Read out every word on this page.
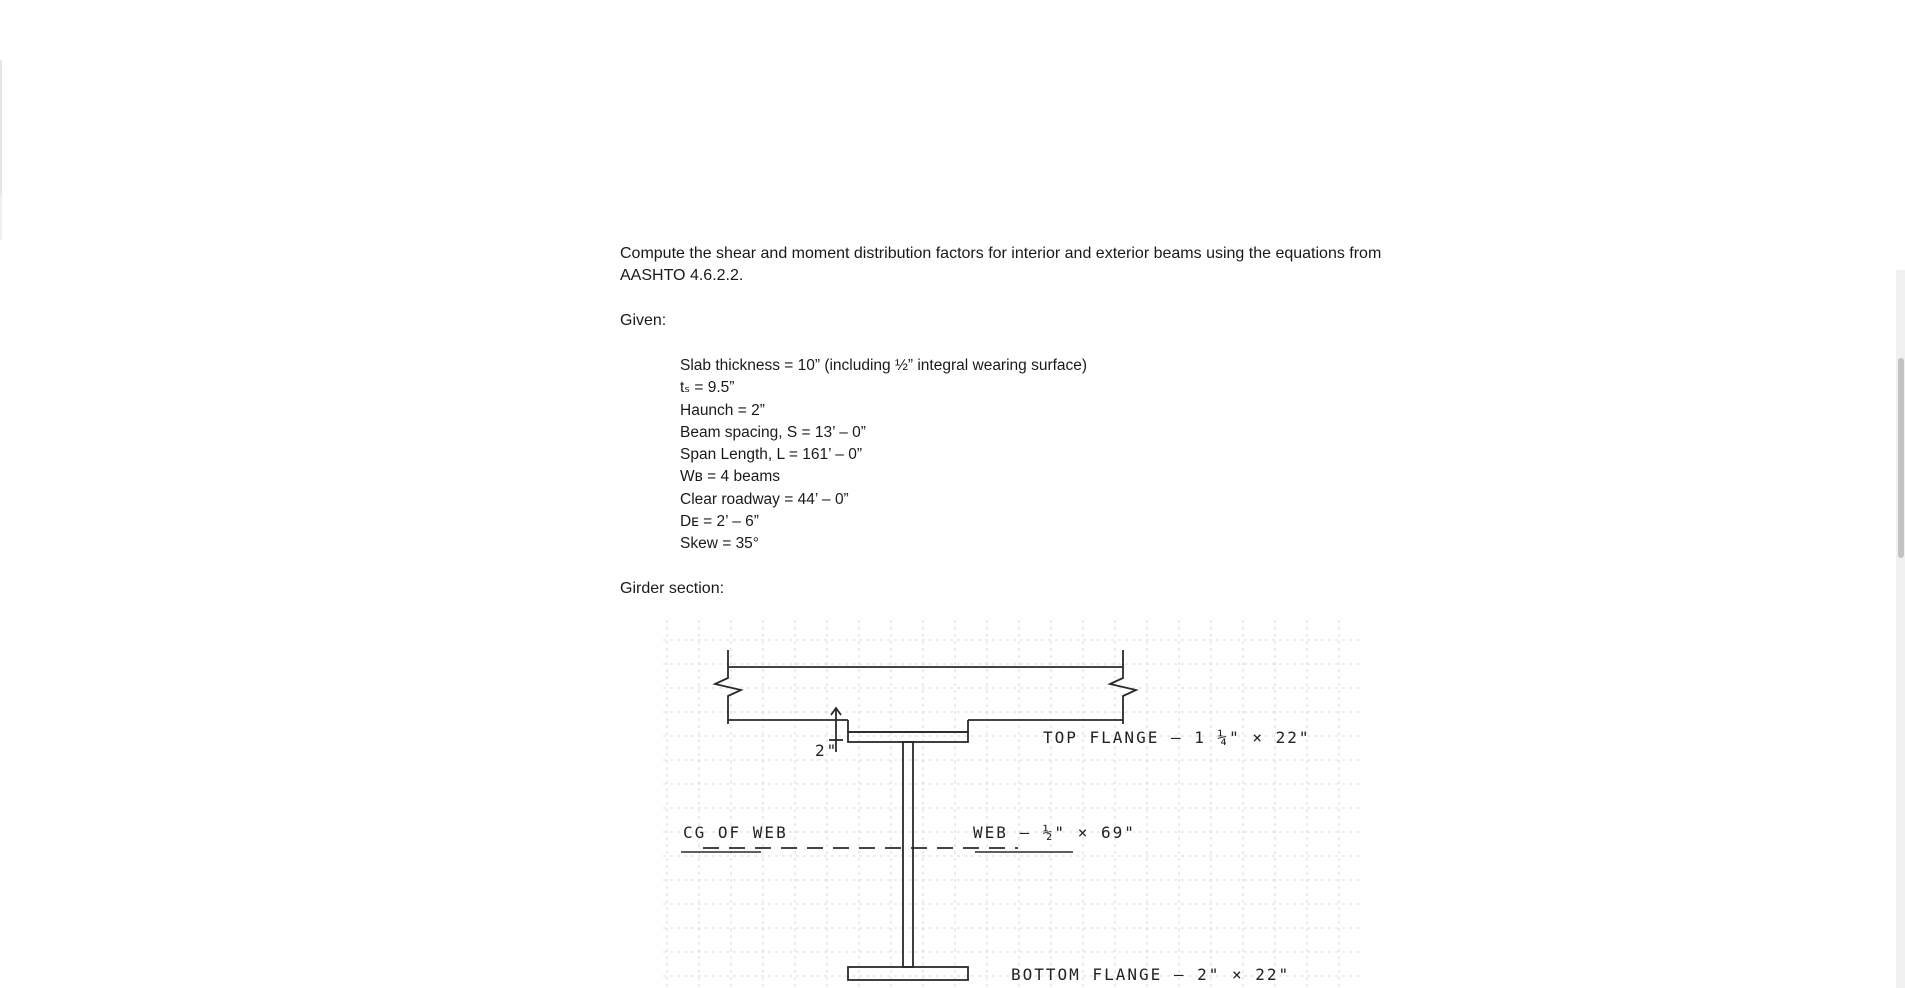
Compute the shear and moment distribution factors for interior and exterior beams using the equations from AASHTO 4.6.2.2.

Given:
Slab thickness = 10” (including ½” integral wearing surface)
tₛ = 9.5”
Haunch = 2”
Beam spacing, S = 13’ – 0”
Span Length, L = 161’ – 0”
Wʙ = 4 beams
Clear roadway = 44’ – 0”
Dᴇ = 2’ – 6”
Skew = 35°
Girder section:
2"
TOP FLANGE – 1 ¼" × 22"
WEB – ½" × 69"
CG OF WEB
BOTTOM FLANGE – 2" × 22"
